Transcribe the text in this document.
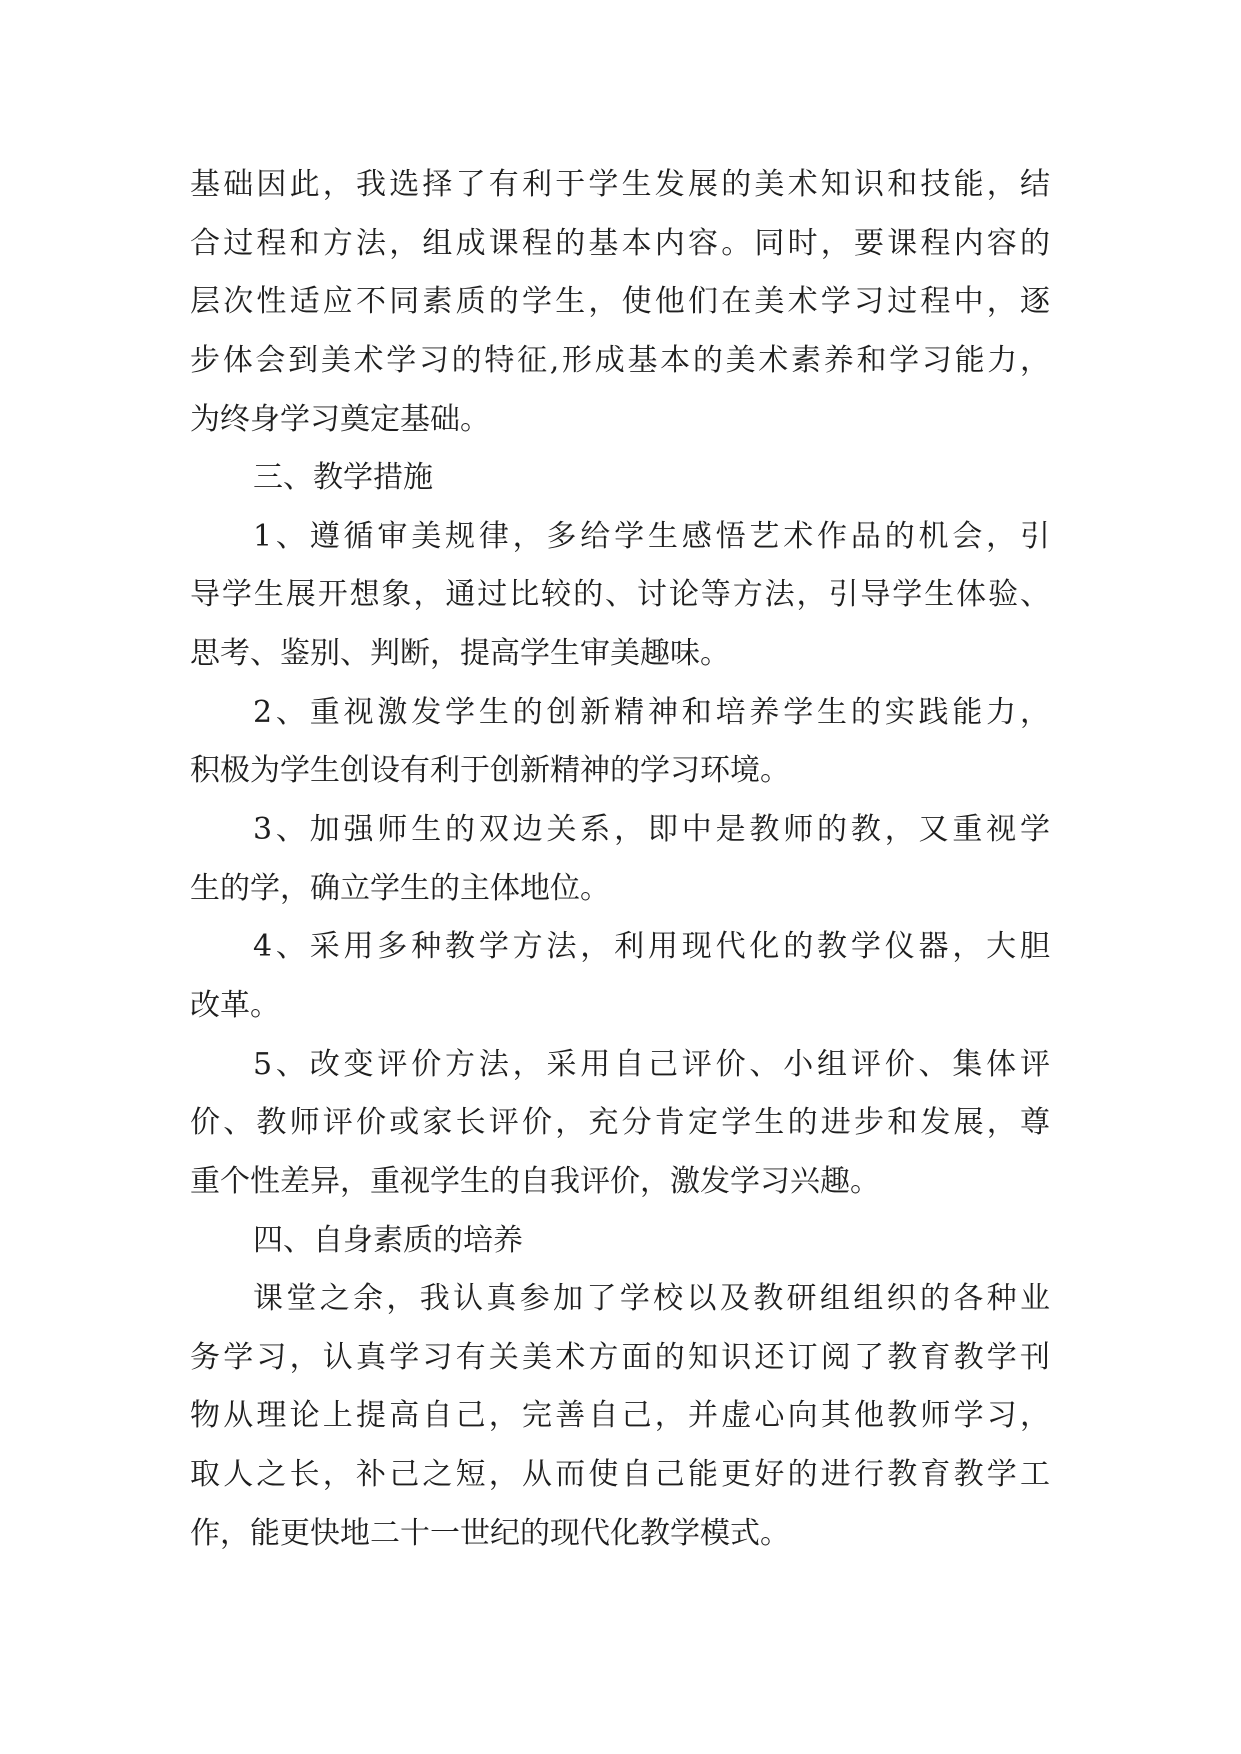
基础因此，我选择了有利于学生发展的美术知识和技能，结
合过程和方法，组成课程的基本内容。同时，要课程内容的
层次性适应不同素质的学生，使他们在美术学习过程中，逐
步体会到美术学习的特征,形成基本的美术素养和学习能力，
为终身学习奠定基础。
三、教学措施
1、遵循审美规律，多给学生感悟艺术作品的机会，引
导学生展开想象，通过比较的、讨论等方法，引导学生体验、
思考、鉴别、判断，提高学生审美趣味。
2、重视激发学生的创新精神和培养学生的实践能力，
积极为学生创设有利于创新精神的学习环境。
3、加强师生的双边关系，即中是教师的教，又重视学
生的学，确立学生的主体地位。
4、采用多种教学方法，利用现代化的教学仪器，大胆
改革。
5、改变评价方法，采用自己评价、小组评价、集体评
价、教师评价或家长评价，充分肯定学生的进步和发展，尊
重个性差异，重视学生的自我评价，激发学习兴趣。
四、自身素质的培养
课堂之余，我认真参加了学校以及教研组组织的各种业
务学习，认真学习有关美术方面的知识还订阅了教育教学刊
物从理论上提高自己，完善自己，并虚心向其他教师学习，
取人之长，补己之短，从而使自己能更好的进行教育教学工
作，能更快地二十一世纪的现代化教学模式。
